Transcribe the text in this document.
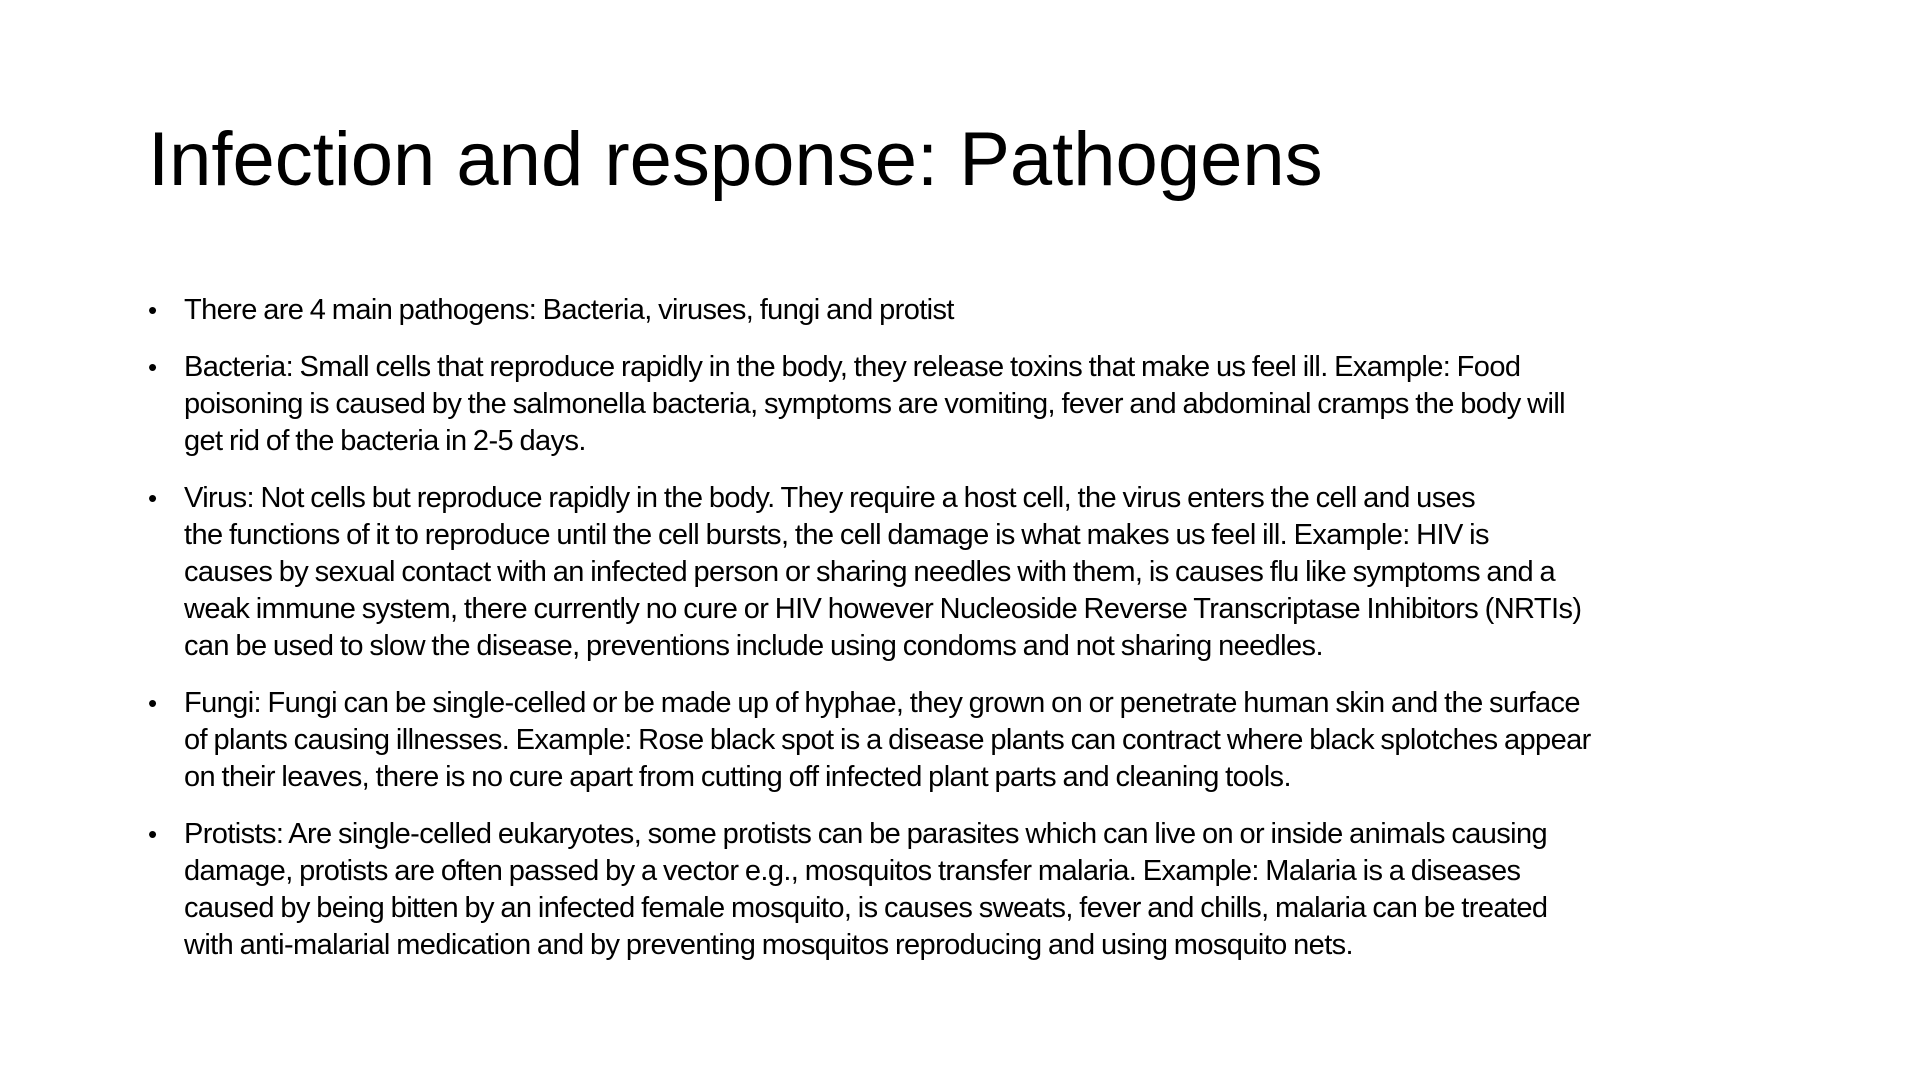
Infection and response: Pathogens
• There are 4 main pathogens: Bacteria, viruses, fungi and protist
• Bacteria: Small cells that reproduce rapidly in the body, they release toxins that make us feel ill. Example: Food
poisoning is caused by the salmonella bacteria, symptoms are vomiting, fever and abdominal cramps the body will
get rid of the bacteria in 2-5 days.
• Virus: Not cells but reproduce rapidly in the body. They require a host cell, the virus enters the cell and uses
the functions of it to reproduce until the cell bursts, the cell damage is what makes us feel ill. Example: HIV is
causes by sexual contact with an infected person or sharing needles with them, is causes flu like symptoms and a
weak immune system, there currently no cure or HIV however Nucleoside Reverse Transcriptase Inhibitors (NRTIs)
can be used to slow the disease, preventions include using condoms and not sharing needles.
• Fungi: Fungi can be single-celled or be made up of hyphae, they grown on or penetrate human skin and the surface
of plants causing illnesses. Example: Rose black spot is a disease plants can contract where black splotches appear
on their leaves, there is no cure apart from cutting off infected plant parts and cleaning tools.
• Protists: Are single-celled eukaryotes, some protists can be parasites which can live on or inside animals causing
damage, protists are often passed by a vector e.g., mosquitos transfer malaria. Example: Malaria is a diseases
caused by being bitten by an infected female mosquito, is causes sweats, fever and chills, malaria can be treated
with anti-malarial medication and by preventing mosquitos reproducing and using mosquito nets.
